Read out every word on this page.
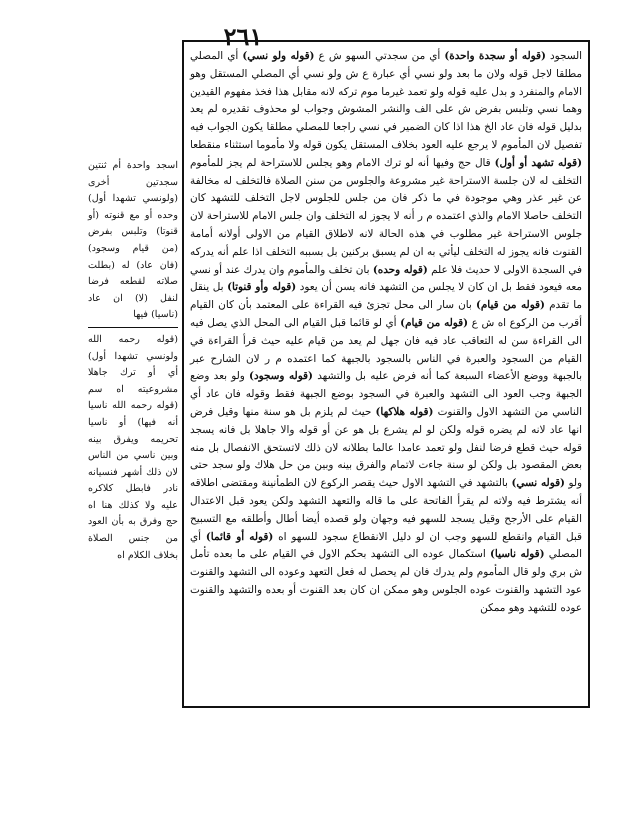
٢٦١

السجود (قوله أو سجدة واحدة) أي من سجدتي السهو ش ع (قوله ولو نسي) أي المصلي مطلقا لاجل قوله ولان ما بعد ولو نسي أي عبارة ع ش ولو نسي أي المصلي المستقل وهو الامام والمنفرد و بدل عليه قوله ولو تعمد غيرما موم تركه لانه مقابل هذا فخذ مفهوم القيدين وهما نسي وتلبس بفرض ش على الف والنشر المشوش وجواب لو محذوف تقديره لم يعد بدليل قوله فان عاد الخ هذا اذا كان الضمير في نسي راجعا للمصلي مطلقا يكون الجواب فيه تفصيل لان المأموم لا يرجع عليه العود بخلاف المستقل يكون قوله ولا مأموما استثناء منقطعا (قوله تشهد أو أول) قال حج وفيها أنه لو ترك الامام وهو يجلس للاستراحة لم يجز للمأموم التخلف له لان جلسة الاستراحة غير مشروعة والجلوس من سنن الصلاة فالتخلف له مخالفة عن غير عذر وهي موجودة في ما ذكر فان من جلس للجلوس لاجل التخلف للتشهد كان التخلف حاصلا الامام والذي اعتمده م ر أنه لا يجوز له التخلف وان جلس الامام للاستراحة لان جلوس الاستراحة غير مطلوب في هذه الحالة لانه لاطلاق القيام من الاولى أولانه أمامة القنوت فانه يجوز له التخلف ليأتي به ان لم يسبق بركنين بل بسببه التخلف اذا علم أنه يدركه في السجدة الاولى لا حديث فلا علم (قوله وحده) بان تخلف والمأموم وان يدرك عند أو نسي معه فيعود فقط بل ان كان لا يجلس من التشهد فانه يسن أن يعود (قوله وأو قنوتا) بل ينقل ما تقدم (قوله من قيام) بان سار الى محل تجزئ فيه القراءة على المعتمد بأن كان القيام أقرب من الركوع اه ش ع (قوله من قيام) أي لو قائما قبل القيام الى المحل الذي يصل فيه الى القراءة سن له التعاقب عاد فيه فان جهل لم يعد من قيام عليه حيث قرأ القراءة في القيام من السجود والعبرة في الناس بالسجود بالجبهة كما اعتمده م ر لان الشارح عبر بالجبهة ووضع الأعضاء السبعة كما أنه فرض عليه بل والتشهد (قوله وسجود) ولو بعد وضع الجبهة وجب العود الى التشهد والعبرة في السجود بوضع الجبهة فقط وقوله فان عاد أي الناسي من التشهد الاول والقنوت (قوله هلاكها) حيث لم يلزم بل هو سنة منها وقيل فرض انها عاد لانه لم يضره قوله ولكن لو لم يشرع بل هو عن أو قوله والا جاهلا بل فانه يسجد قوله حيث قطع فرضا لنفل ولو تعمد عامدا عالما بطلانه لان ذلك لاتستحق الانفصال بل منه بعض المقصود بل ولكن لو سنة جاءت لاتمام والفرق بينه وبين من حل هلاك ولو سجد حتى ولو (قوله نسي) بالتشهد في التشهد الاول حيث يقصر الركوع لان الطمأنينة ومقتضى اطلاقه أنه يشترط فيه ولاته لم يقرأ الفاتحة على ما قاله والتعهد التشهد ولكن يعود قبل الاعتدال القيام على الأرجح وقيل يسجد للسهو فيه وجهان ولو قصده أيضا أطال وأطلقه مع التسبيح قبل القيام وانقطع للسهو وجب ان لو دليل الانقطاع سجود للسهو اه (قوله أو قائما) أي المصلي (قوله ناسيا) استكمال عوده الى التشهد بحكم الاول في القيام على ما بعده تأمل ش بري ولو قال المأموم ولم يدرك فان لم يحصل له فعل التعهد وعوده الى التشهد والقنوت عود التشهد والقنوت عوده الجلوس وهو ممكن ان كان بعد القنوت أو بعده والتشهد والقنوت عوده للتشهد وهو ممكن

اسجد واحدة أم ثنتين سجدتين أخرى (ولونسي تشهدا أول) وحده أو مع قنوته (أو قنوتا) وتلبس بفرض (من قيام وسجود) (فان عاد) له (بطلت صلاته لقطعه فرضا لنفل (لا) ان عاد (ناسيا) فيها

(قوله رحمه الله ولونسي تشهدا أول) أي أو ترك جاهلا مشروعيته اه سم (قوله رحمه الله ناسيا أنه فيها) أو ناسيا تحريمه ويفرق بينه وبين ناسي من الناس لان ذلك أشهر فنسيانه نادر فابطل كلاكره عليه ولا كذلك هنا اه حج وفرق به بأن العود من جنس الصلاة بخلاف الكلام اه
